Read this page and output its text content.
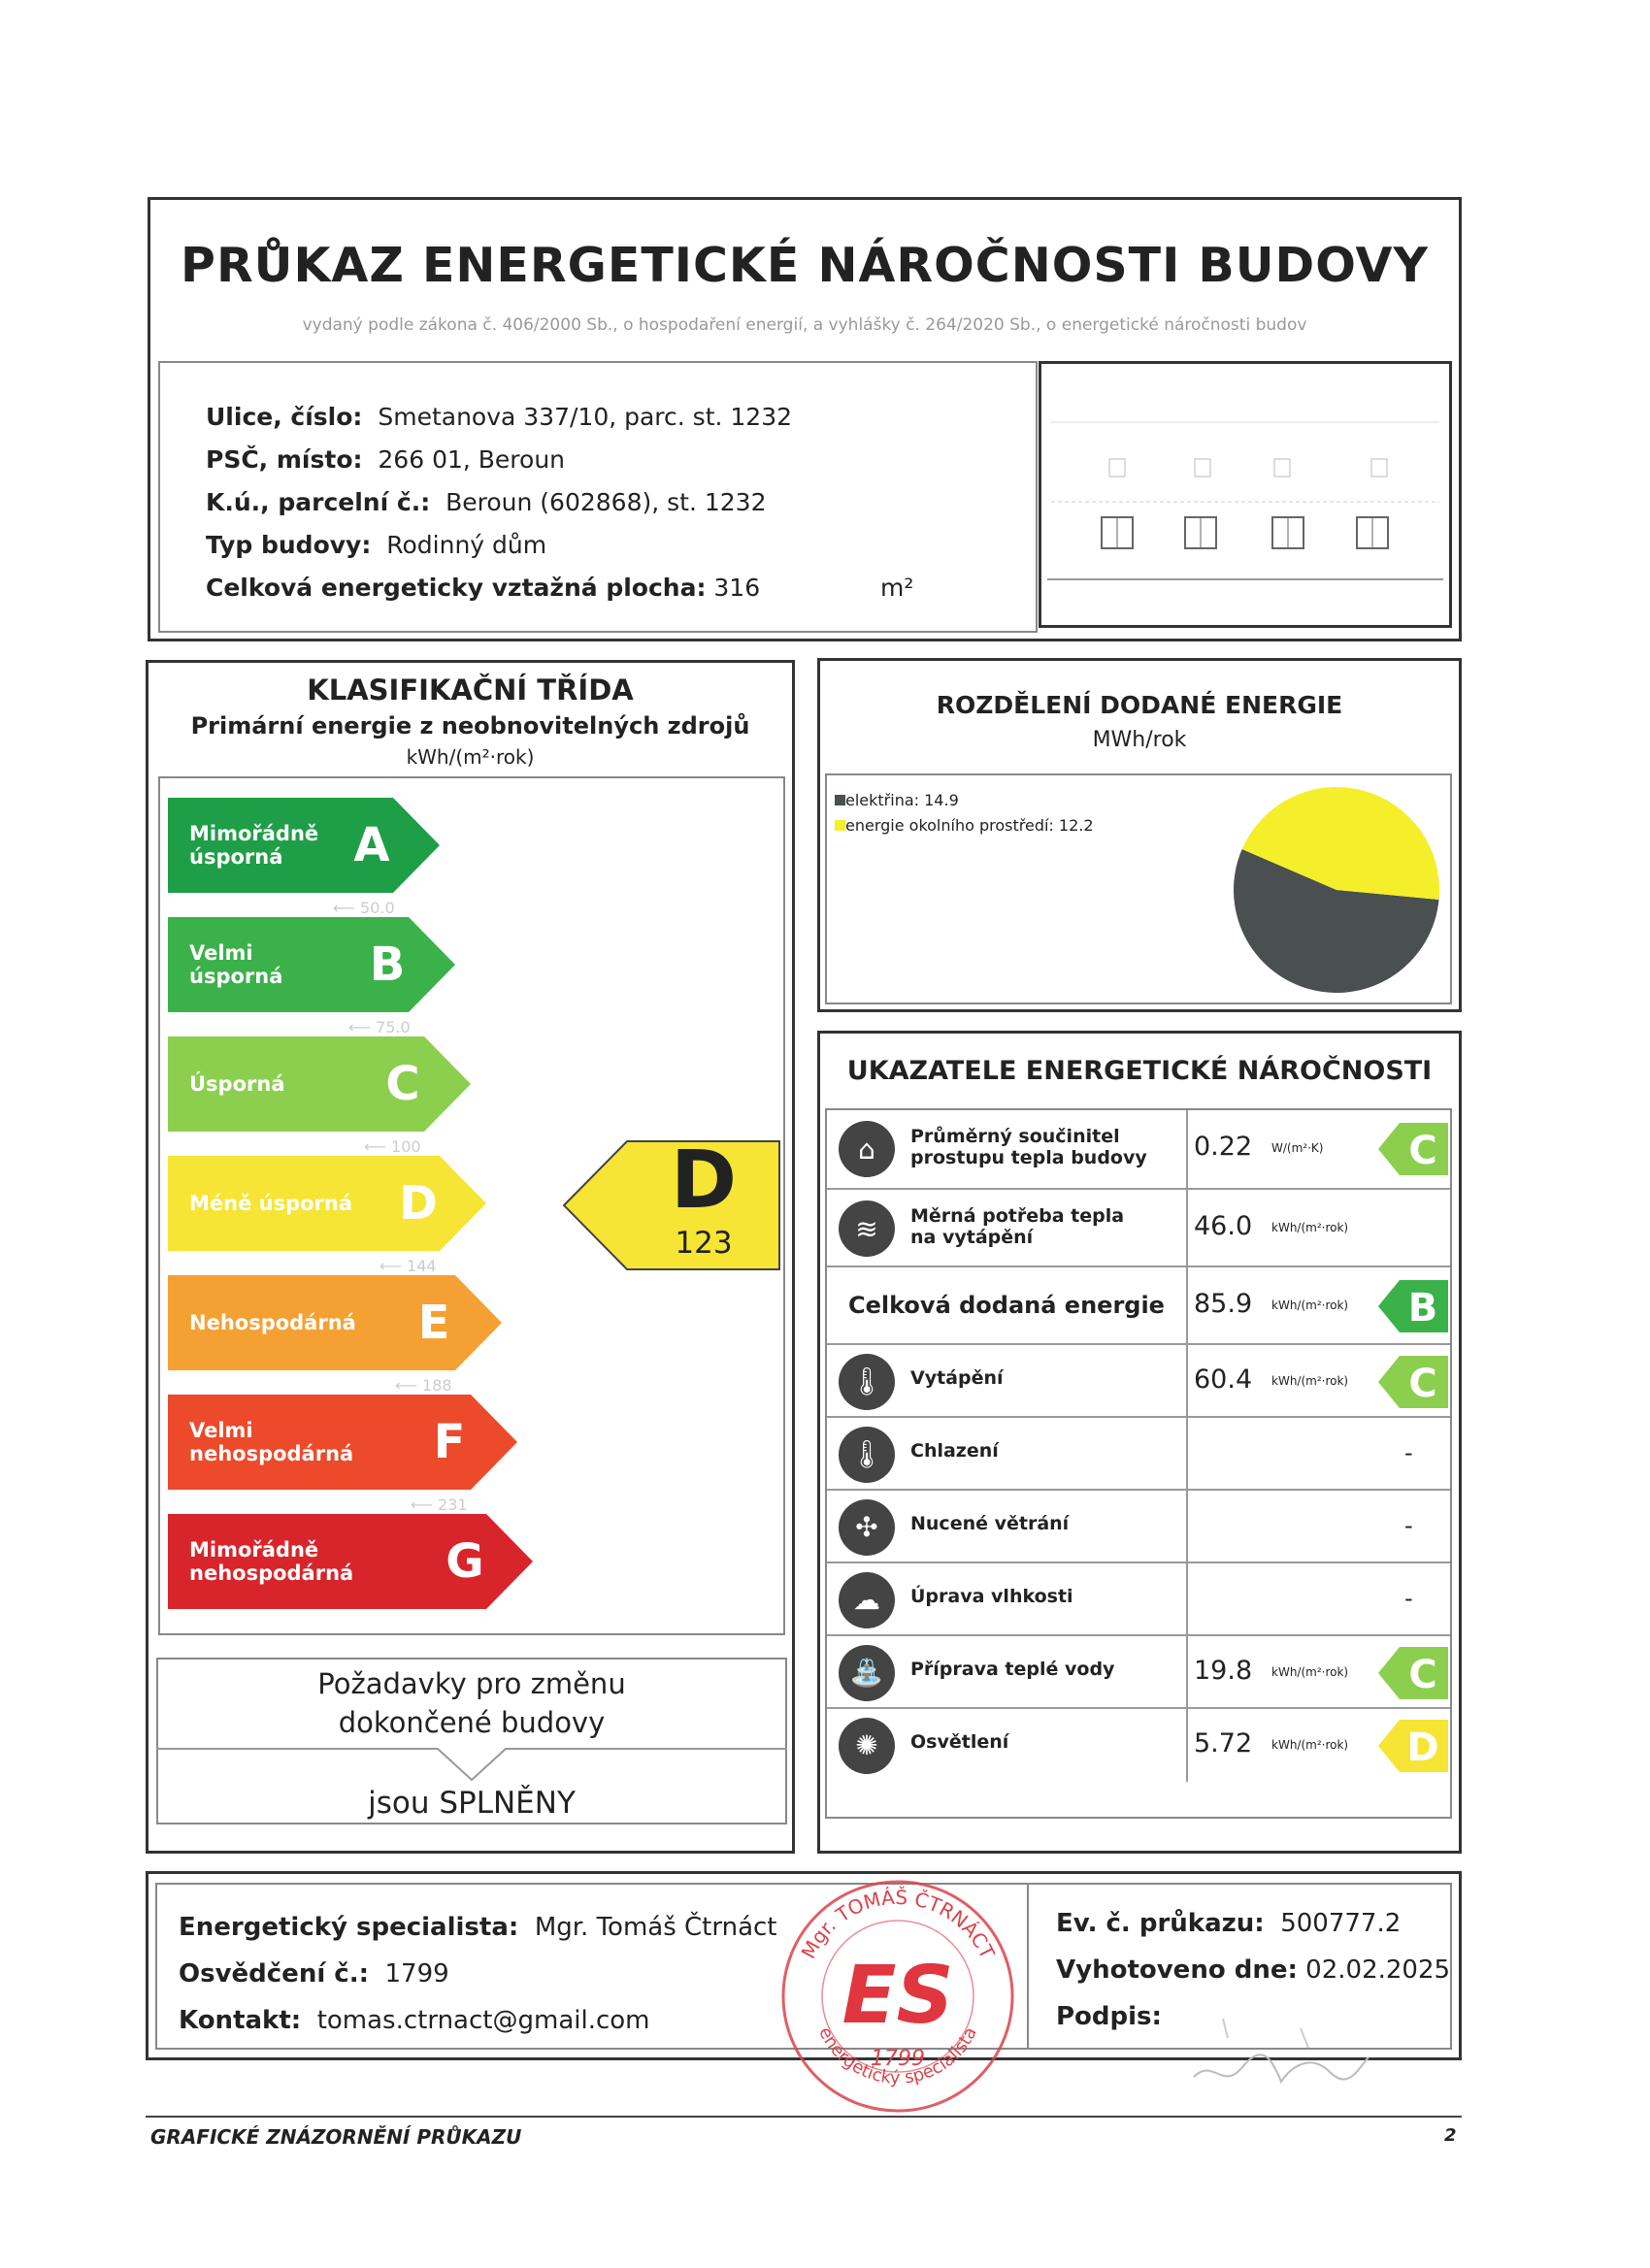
PRŮKAZ ENERGETICKÉ NÁROČNOSTI BUDOVY
vydaný podle zákona č. 406/2000 Sb., o hospodaření energií, a vyhlášky č. 264/2020 Sb., o energetické náročnosti budov
Ulice, číslo: Smetanova 337/10, parc. st. 1232
PSČ, místo: 266 01, Beroun
K.ú., parcelní č.: Beroun (602868), st. 1232
Typ budovy: Rodinný dům
Celková energeticky vztažná plocha: 316	m²
KLASIFIKAČNÍ TŘÍDA
Primární energie z neobnovitelných zdrojů
kWh/(m²·rok)
Mimořádně
úsporná	A
⟵ 50.0
Velmi
úsporná B
⟵ 75.0
Úsporná C
⟵ 100
Méně úsporná D
⟵ 144
Nehospodárná E
⟵ 188
Velmi
nehospodárná F
⟵ 231
Mimořádně
nehospodárná G
D
123
Požadavky pro změnu
dokončené budovy
jsou SPLNĚNY
ROZDĚLENÍ DODANÉ ENERGIE
MWh/rok
elektřina: 14.9
energie okolního prostředí: 12.2
UKAZATELE ENERGETICKÉ NÁROČNOSTI
⌂	Průměrný součinitel
prostupu tepla budovy 0.22 W/(m²·K) C
≋	Měrná potřeba tepla
na vytápění	46.0 kWh/(m²·rok)
Celková dodaná energie 85.9 kWh/(m²·rok) B
🌡	Vytápění	60.4 kWh/(m²·rok) C
🌡	Chlazení	-
✣	Nucené větrání	-
☁	Úprava vlhkosti	-
⛲	Příprava teplé vody	19.8 kWh/(m²·rok) C
✺	Osvětlení	5.72 kWh/(m²·rok) D
Energetický specialista: Mgr. Tomáš Čtrnáct
Osvědčení č.: 1799
Kontakt: tomas.ctrnact@gmail.com
Ev. č. průkazu: 500777.2
Vyhotoveno dne: 02.02.2025
Podpis:
Mgr. TOMÁŠ ČTRNÁCT
energetický specialista
ES
1799
GRAFICKÉ ZNÁZORNĚNÍ PRŮKAZU	2
